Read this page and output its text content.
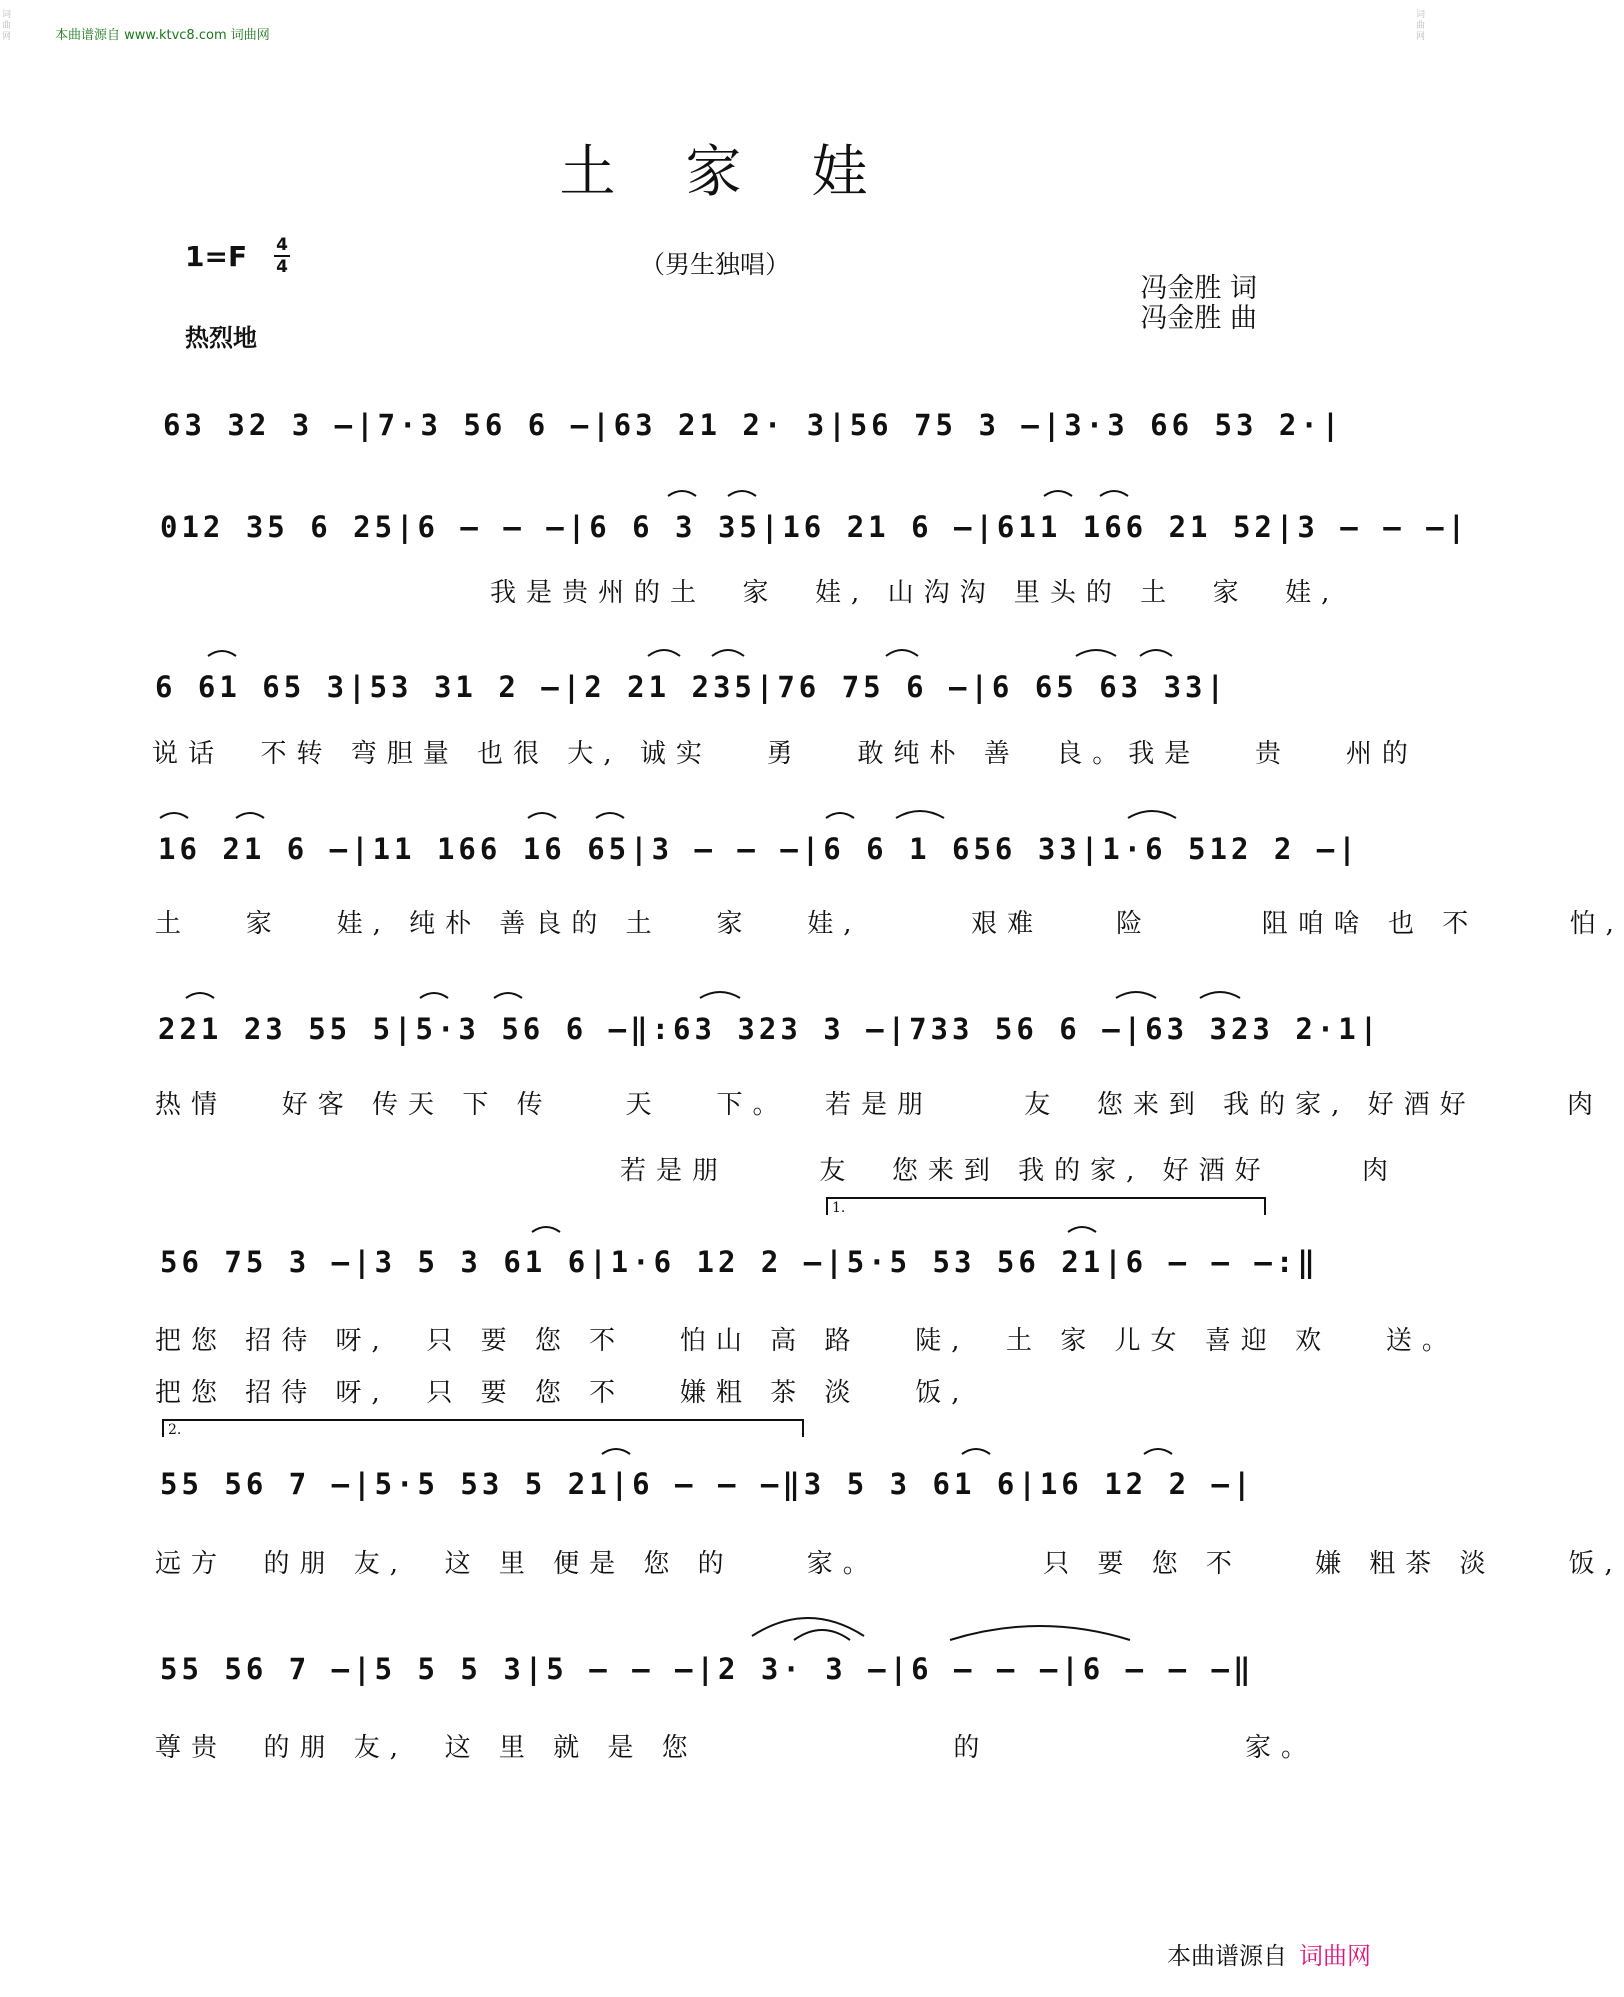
本曲谱源自 www.ktvc8.com 词曲网
词
曲
网
词
曲
网
土家娃
1=F 4
4	（男生独唱）
冯金胜 词
冯金胜 曲
热烈地
63 32 3 –|7·3 56 6 –|63 21 2· 3|56 75 3 –|3·3 66 53 2·|
012 35 6 25|6 – – –|6 6 3 35|16 21 6 –|611 166 21 52|3 – – –|
6 61 65 3|53 31 2 –|2 21 235|76 75 6 –|6 65 63 33|
16 21 6 –|11 166 16 65|3 – – –|6 6 1 656 33|1·6 512 2 –|
221 23 55 5|5·3 56 6 –‖:63 323 3 –|733 56 6 –|63 323 2·1|
56 75 3 –|3 5 3 61 6|1·6 12 2 –|5·5 53 56 21|6 – – –:‖
55 56 7 –|5·5 53 5 21|6 – – –‖3 5 3 61 6|16 12 2 –|
55 56 7 –|5 5 5 3|5 – – –|2 3· 3 –|6 – – –|6 – – –‖
我是贵州的土  家  娃, 山沟沟 里头的 土  家  娃,
说话  不转 弯胆量 也很 大, 诚实   勇   敢纯朴 善  良。我是   贵   州的
土   家   娃, 纯朴 善良的 土   家   娃,      艰难    险      阻咱啥 也 不     怕,
热情   好客 传天 下 传    天   下。  若是朋     友  您来到 我的家, 好酒好     肉
若是朋     友  您来到 我的家, 好酒好     肉
把您 招待 呀,  只 要 您 不   怕山 高 路   陡,  土 家 儿女 喜迎 欢   送。
把您 招待 呀,  只 要 您 不   嫌粗 茶 淡   饭,
远方  的朋 友,  这 里 便是 您 的    家。         只 要 您 不    嫌 粗茶 淡    饭,
尊贵  的朋 友,  这 里 就 是 您              的              家。
1.
2.
本曲谱源自 词曲网
